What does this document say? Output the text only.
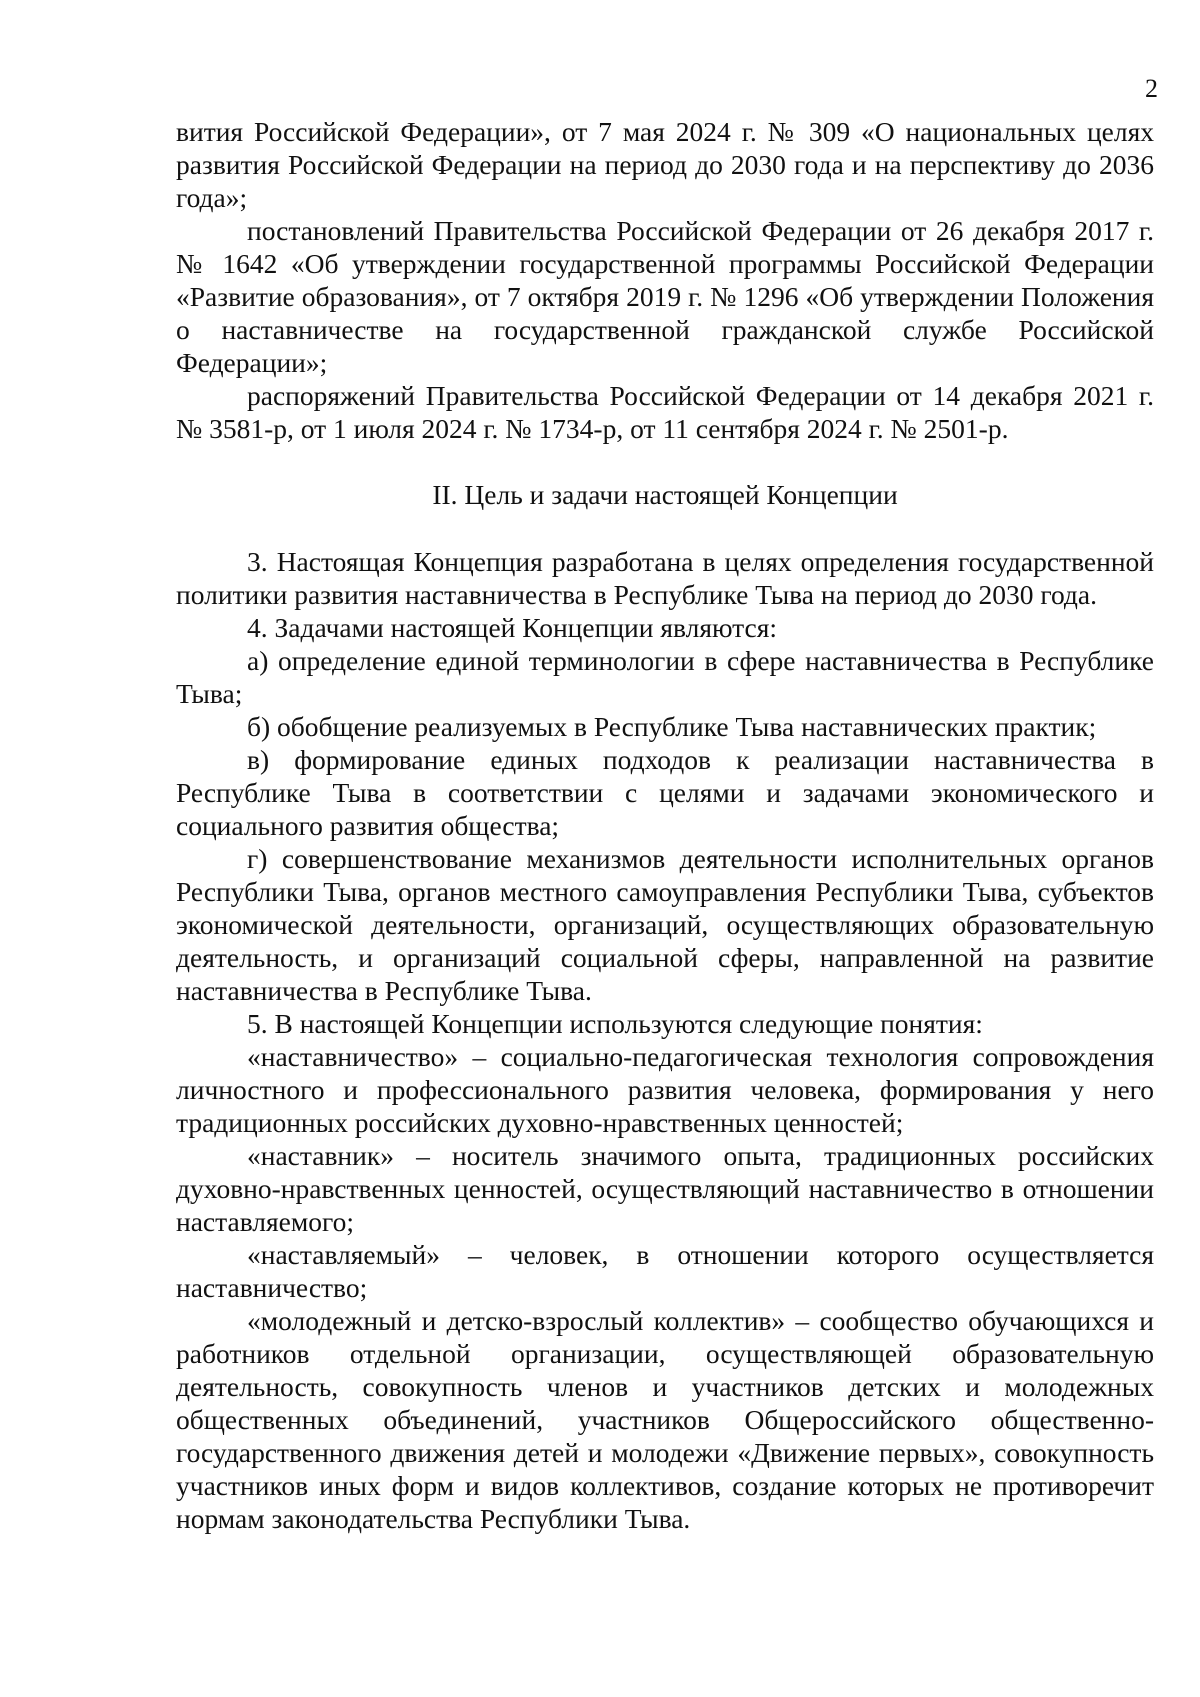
2

вития Российской Федерации», от 7 мая 2024 г. № 309 «О национальных целях развития Российской Федерации на период до 2030 года и на перспективу до 2036 года»;

постановлений Правительства Российской Федерации от 26 декабря 2017 г. № 1642 «Об утверждении государственной программы Российской Федерации «Развитие образования», от 7 октября 2019 г. № 1296 «Об утверждении Положения о наставничестве на государственной гражданской службе Российской Федерации»;

распоряжений Правительства Российской Федерации от 14 декабря 2021 г. № 3581-р, от 1 июля 2024 г. № 1734-р, от 11 сентября 2024 г. № 2501-р.

II. Цель и задачи настоящей Концепции

3. Настоящая Концепция разработана в целях определения государственной политики развития наставничества в Республике Тыва на период до 2030 года.

4. Задачами настоящей Концепции являются:

а) определение единой терминологии в сфере наставничества в Республике Тыва;

б) обобщение реализуемых в Республике Тыва наставнических практик;

в) формирование единых подходов к реализации наставничества в Республике Тыва в соответствии с целями и задачами экономического и социального развития общества;

г) совершенствование механизмов деятельности исполнительных органов Республики Тыва, органов местного самоуправления Республики Тыва, субъектов экономической деятельности, организаций, осуществляющих образовательную деятельность, и организаций социальной сферы, направленной на развитие наставничества в Республике Тыва.

5. В настоящей Концепции используются следующие понятия:

«наставничество» – социально-педагогическая технология сопровождения личностного и профессионального развития человека, формирования у него традиционных российских духовно-нравственных ценностей;

«наставник» – носитель значимого опыта, традиционных российских духовно-нравственных ценностей, осуществляющий наставничество в отношении наставляемого;

«наставляемый» – человек, в отношении которого осуществляется наставничество;

«молодежный и детско-взрослый коллектив» – сообщество обучающихся и работников отдельной организации, осуществляющей образовательную деятельность, совокупность членов и участников детских и молодежных общественных объединений, участников Общероссийского общественно-государственного движения детей и молодежи «Движение первых», совокупность участников иных форм и видов коллективов, создание которых не противоречит нормам законодательства Республики Тыва.
